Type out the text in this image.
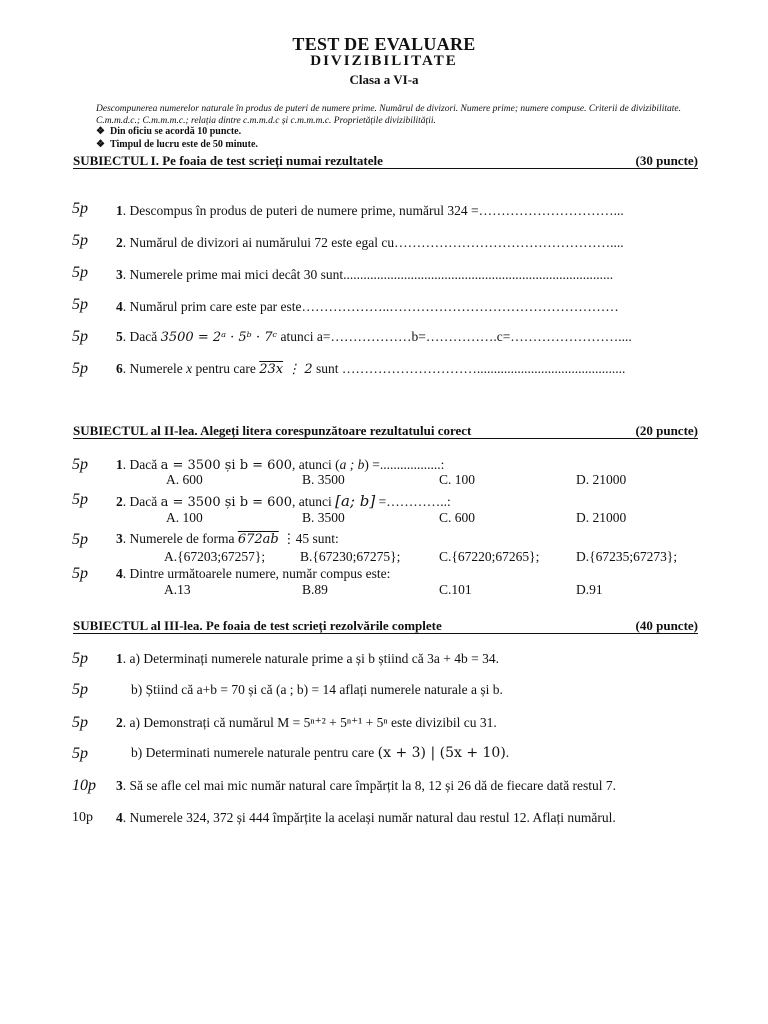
TEST DE EVALUARE
DIVIZIBILITATE
Clasa a VI-a
Descompunerea numerelor naturale în produs de puteri de numere prime. Numărul de divizori. Numere prime; numere compuse. Criterii de divizibilitate. C.m.m.d.c.; C.m.m.m.c.; relația dintre c.m.m.d.c și c.m.m.m.c. Proprietățile divizibilității.
❖ Din oficiu se acordă 10 puncte.
❖ Timpul de lucru este de 50 minute.
SUBIECTUL I. Pe foaia de test scrieți numai rezultatele	(30 puncte)
5p 1. Descompus în produs de puteri de numere prime, numărul 324 =…………………………...
5p 2. Numărul de divizori ai numărului 72 este egal cu…………………………………………....
5p 3. Numerele prime mai mici decât 30 sunt................................................................................
5p 4. Numărul prim care este par este………………..……………………………………………
5p 5. Dacă 3500 = 2ᵃ · 5ᵇ · 7ᶜ atunci a=………………b=…………….c=……………………....
5p 6. Numerele x pentru care 23x ⋮ 2 sunt …………………………............................................
SUBIECTUL al II-lea. Alegeți litera corespunzătoare rezultatului corect	(20 puncte)
5p 1. Dacă a = 3500 și b = 600, atunci (a ; b) =..................:
A. 600	B. 3500	C. 100	D. 21000
5p 2. Dacă a = 3500 și b = 600, atunci [a; b] =…………..:
A. 100	B. 3500	C. 600	D. 21000
5p 3. Numerele de forma 672ab ⋮45 sunt:
A.{67203;67257};	B.{67230;67275};	C.{67220;67265};	D.{67235;67273};
5p 4. Dintre următoarele numere, număr compus este:
A.13	B.89	C.101	D.91
SUBIECTUL al III-lea. Pe foaia de test scrieți rezolvările complete	(40 puncte)
5p 1. a) Determinați numerele naturale prime a și b știind că 3a + 4b = 34.
5p	b) Știind că a+b = 70 și că (a ; b) = 14 aflați numerele naturale a și b.
5p 2. a) Demonstrați că numărul M = 5ⁿ⁺² + 5ⁿ⁺¹ + 5ⁿ este divizibil cu 31.
5p	b) Determinati numerele naturale pentru care (x + 3) | (5x + 10).
10p 3. Să se afle cel mai mic număr natural care împărțit la 8, 12 și 26 dă de fiecare dată restul 7.
10p 4. Numerele 324, 372 și 444 împărțite la același număr natural dau restul 12. Aflați numărul.
